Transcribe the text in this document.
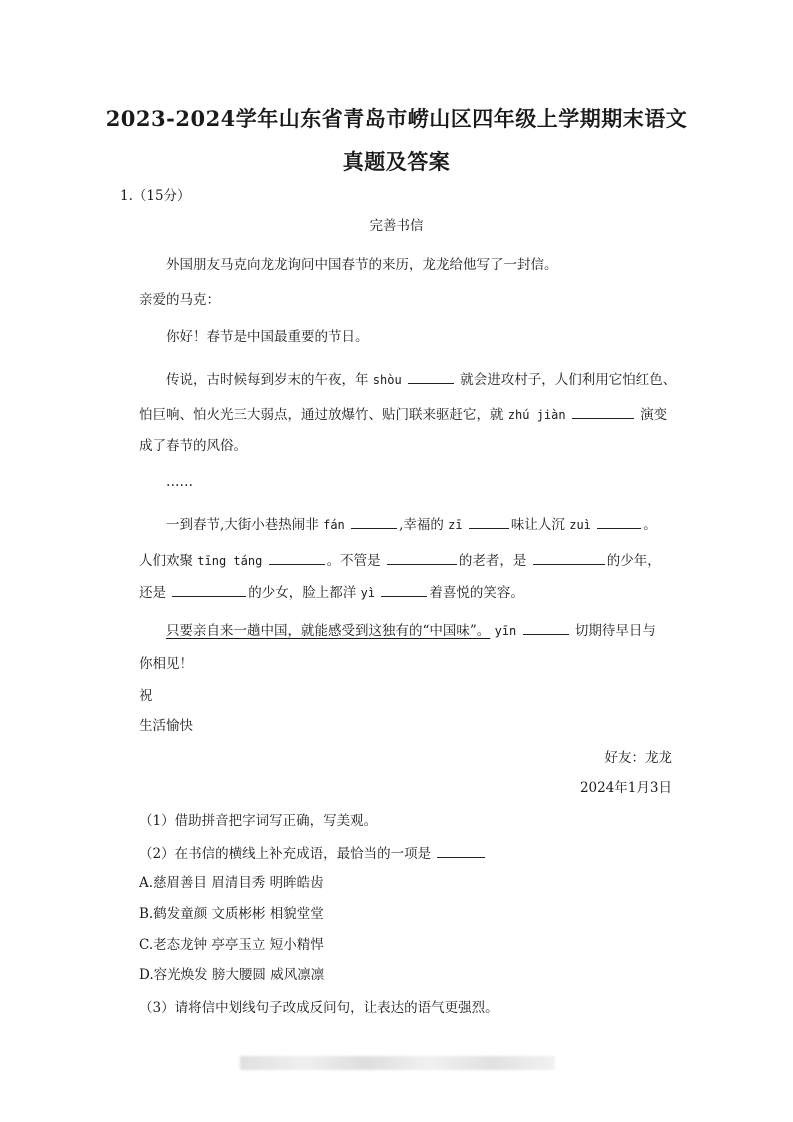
2023-2024学年山东省青岛市崂山区四年级上学期期末语文
真题及答案
1.（15分）
完善书信
外国朋友马克向龙龙询问中国春节的来历，龙龙给他写了一封信。
亲爱的马克：
你好！春节是中国最重要的节日。
传说，古时候每到岁末的午夜，年 shòu	就会进攻村子，人们利用它怕红色、
怕巨响、怕火光三大弱点，通过放爆竹、贴门联来驱赶它，就 zhú jiàn	演变
成了春节的风俗。
……
一到春节,大街小巷热闹非 fán	,幸福的 zī	味让人沉 zuì	。
人们欢聚 tīng táng	。不管是	的老者，是	的少年，
还是	的少女，脸上都洋 yì	着喜悦的笑容。
只要亲自来一趟中国，就能感受到这独有的“中国味”。 yīn	切期待早日与
你相见！
祝
生活愉快
好友：龙龙
2024年1月3日
（1）借助拼音把字词写正确，写美观。
（2）在书信的横线上补充成语，最恰当的一项是
A.慈眉善目 眉清目秀 明眸皓齿
B.鹤发童颜 文质彬彬 相貌堂堂
C.老态龙钟 亭亭玉立 短小精悍
D.容光焕发 膀大腰圆 威风凛凛
（3）请将信中划线句子改成反问句，让表达的语气更强烈。
